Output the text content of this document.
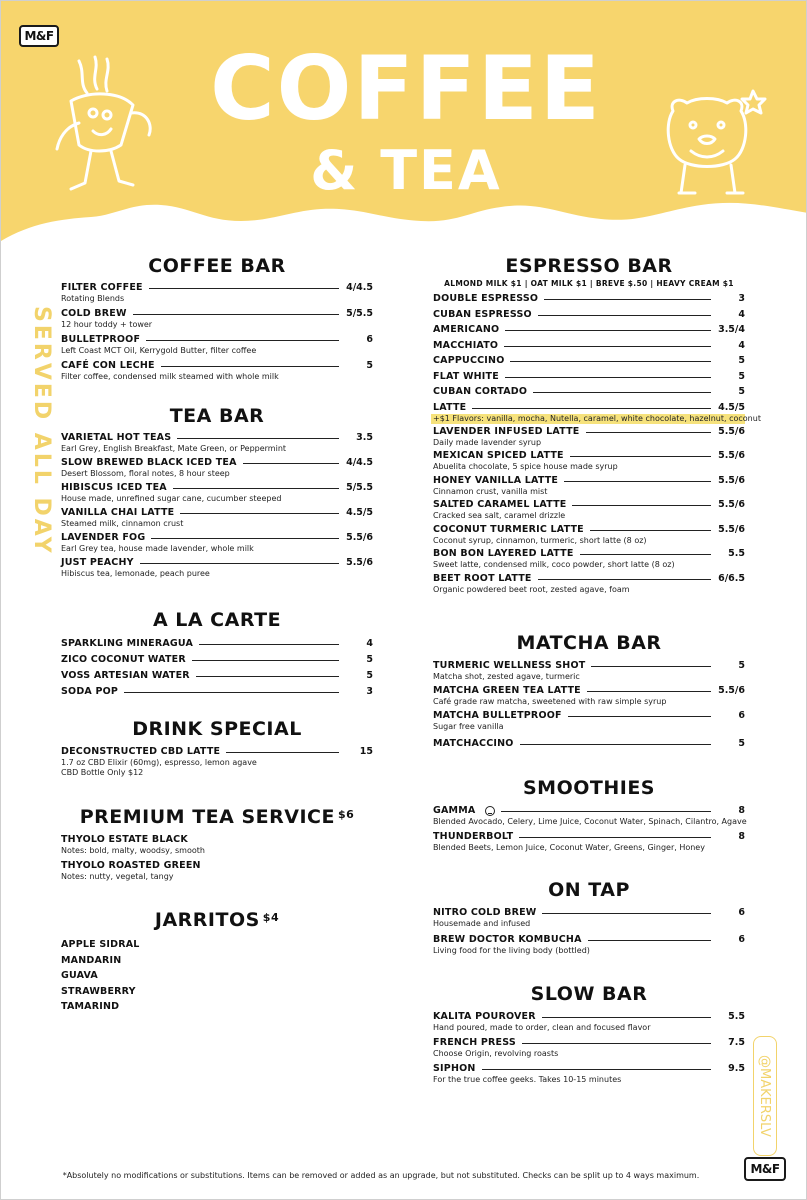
M&F
COFFEE
& TEA
SERVED ALL DAY
@MAKERSLV
COFFEE BAR
FILTER COFFEE	4/4.5
Rotating Blends
COLD BREW	5/5.5
12 hour toddy + tower
BULLETPROOF	6
Left Coast MCT Oil, Kerrygold Butter, filter coffee
CAFÉ CON LECHE	5
Filter coffee, condensed milk steamed with whole milk
TEA BAR
VARIETAL HOT TEAS	3.5
Earl Grey, English Breakfast, Mate Green, or Peppermint
SLOW BREWED BLACK ICED TEA	4/4.5
Desert Blossom, floral notes, 8 hour steep
HIBISCUS ICED TEA	5/5.5
House made, unrefined sugar cane, cucumber steeped
VANILLA CHAI LATTE	4.5/5
Steamed milk, cinnamon crust
LAVENDER FOG	5.5/6
Earl Grey tea, house made lavender, whole milk
JUST PEACHY	5.5/6
Hibiscus tea, lemonade, peach puree
A LA CARTE
SPARKLING MINERAGUA	4
ZICO COCONUT WATER	5
VOSS ARTESIAN WATER	5
SODA POP	3
DRINK SPECIAL
DECONSTRUCTED CBD LATTE	15
1.7 oz CBD Elixir (60mg), espresso, lemon agave
CBD Bottle Only $12
PREMIUM TEA SERVICE $^{\$6}$
THYOLO ESTATE BLACK
Notes: bold, malty, woodsy, smooth
THYOLO ROASTED GREEN
Notes: nutty, vegetal, tangy
JARRITOS $^{\$4}$
APPLE SIDRAL
MANDARIN
GUAVA
STRAWBERRY
TAMARIND
ESPRESSO BAR
ALMOND MILK $1 | OAT MILK $1 | BREVE $.50 | HEAVY CREAM $1
DOUBLE ESPRESSO	3
CUBAN ESPRESSO	4
AMERICANO	3.5/4
MACCHIATO	4
CAPPUCCINO	5
FLAT WHITE	5
CUBAN CORTADO	5
LATTE	4.5/5
+$1 Flavors: vanilla, mocha, Nutella, caramel, white chocolate, hazelnut, coconut
LAVENDER INFUSED LATTE	5.5/6
Daily made lavender syrup
MEXICAN SPICED LATTE	5.5/6
Abuelita chocolate, 5 spice house made syrup
HONEY VANILLA LATTE	5.5/6
Cinnamon crust, vanilla mist
SALTED CARAMEL LATTE	5.5/6
Cracked sea salt, caramel drizzle
COCONUT TURMERIC LATTE	5.5/6
Coconut syrup, cinnamon, turmeric, short latte (8 oz)
BON BON LAYERED LATTE	5.5
Sweet latte, condensed milk, coco powder, short latte (8 oz)
BEET ROOT LATTE	6/6.5
Organic powdered beet root, zested agave, foam
MATCHA BAR
TURMERIC WELLNESS SHOT	5
Matcha shot, zested agave, turmeric
MATCHA GREEN TEA LATTE	5.5/6
Café grade raw matcha, sweetened with raw simple syrup
MATCHA BULLETPROOF	6
Sugar free vanilla
MATCHACCINO	5
SMOOTHIES
GAMMA	8
Blended Avocado, Celery, Lime Juice, Coconut Water, Spinach, Cilantro, Agave
THUNDERBOLT	8
Blended Beets, Lemon Juice, Coconut Water, Greens, Ginger, Honey
ON TAP
NITRO COLD BREW	6
Housemade and infused
BREW DOCTOR KOMBUCHA	6
Living food for the living body (bottled)
SLOW BAR
KALITA POUROVER	5.5
Hand poured, made to order, clean and focused flavor
FRENCH PRESS	7.5
Choose Origin, revolving roasts
SIPHON	9.5
For the true coffee geeks. Takes 10-15 minutes
*Absolutely no modifications or substitutions. Items can be removed or added as an upgrade, but not substituted. Checks can be split up to 4 ways maximum.	M&F
